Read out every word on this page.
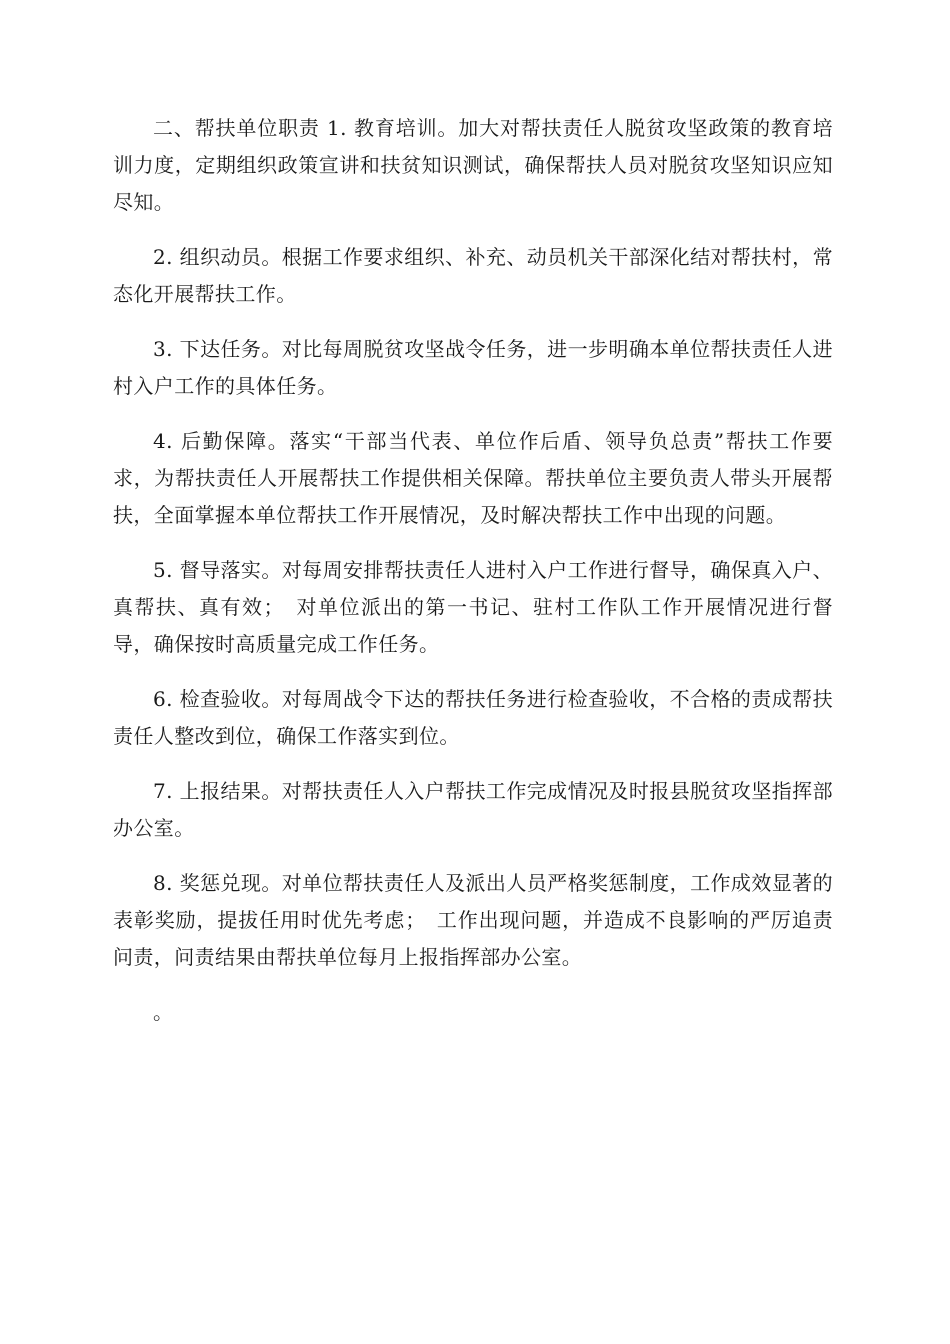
二、帮扶单位职责 1. 教育培训。加大对帮扶责任人脱贫攻坚政策的教育培训力度，定期组织政策宣讲和扶贫知识测试，确保帮扶人员对脱贫攻坚知识应知尽知。

2. 组织动员。根据工作要求组织、补充、动员机关干部深化结对帮扶村，常态化开展帮扶工作。

3. 下达任务。对比每周脱贫攻坚战令任务，进一步明确本单位帮扶责任人进村入户工作的具体任务。

4. 后勤保障。落实“干部当代表、单位作后盾、领导负总责”帮扶工作要求，为帮扶责任人开展帮扶工作提供相关保障。帮扶单位主要负责人带头开展帮扶，全面掌握本单位帮扶工作开展情况，及时解决帮扶工作中出现的问题。

5. 督导落实。对每周安排帮扶责任人进村入户工作进行督导，确保真入户、真帮扶、真有效；　对单位派出的第一书记、驻村工作队工作开展情况进行督导，确保按时高质量完成工作任务。

6. 检查验收。对每周战令下达的帮扶任务进行检查验收，不合格的责成帮扶责任人整改到位，确保工作落实到位。

7. 上报结果。对帮扶责任人入户帮扶工作完成情况及时报县脱贫攻坚指挥部办公室。

8. 奖惩兑现。对单位帮扶责任人及派出人员严格奖惩制度，工作成效显著的表彰奖励，提拔任用时优先考虑；　工作出现问题，并造成不良影响的严厉追责问责，问责结果由帮扶单位每月上报指挥部办公室。

。
